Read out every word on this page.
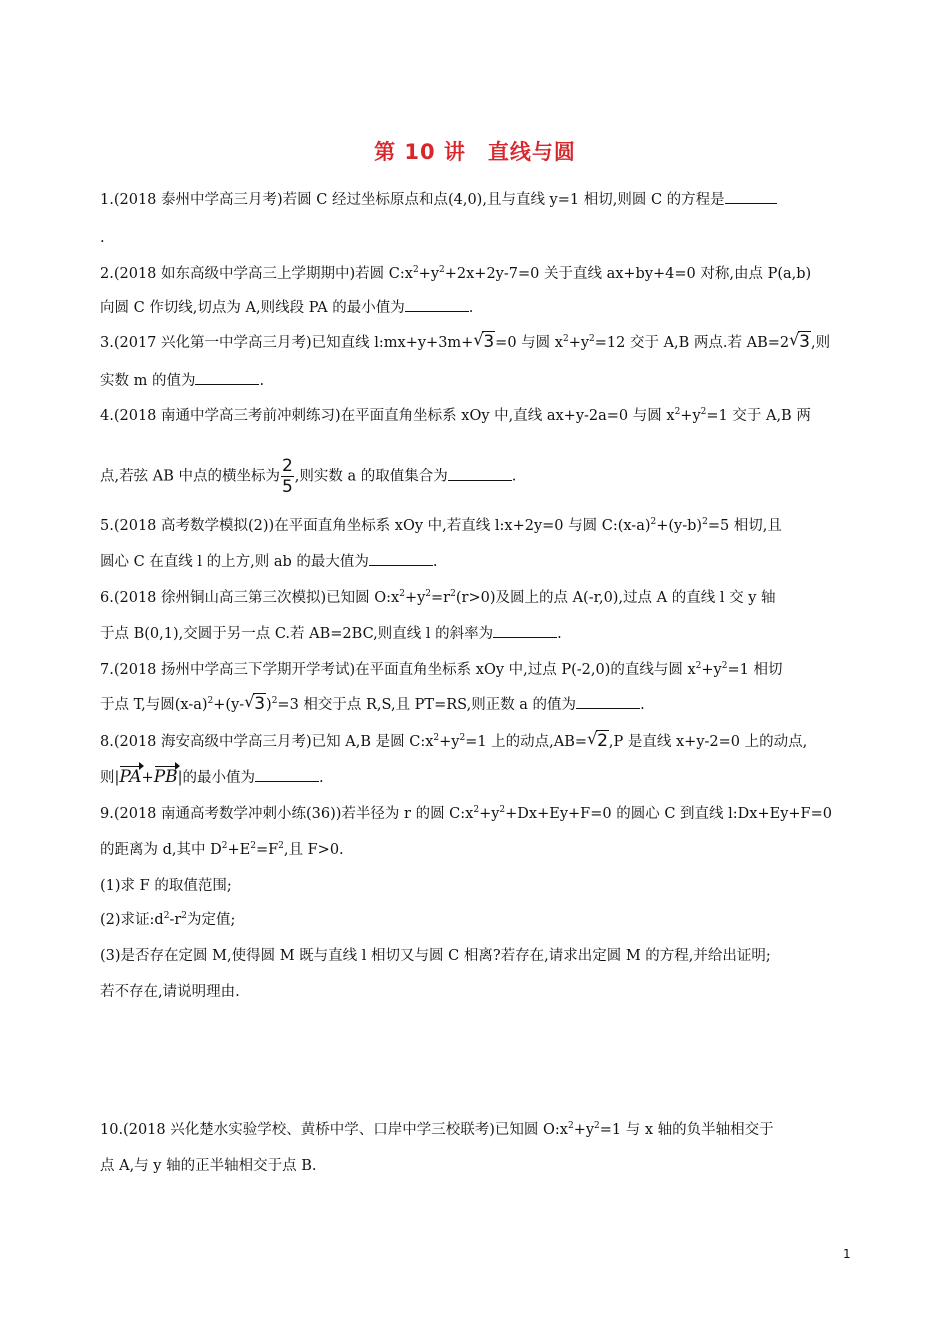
第 10 讲 直线与圆
1.(2018 泰州中学高三月考)若圆 C 经过坐标原点和点(4,0),且与直线 y=1 相切,则圆 C 的方程是
.
2.(2018 如东高级中学高三上学期期中)若圆 $C:x^2+y^2+2x+2y-7=0$ 关于直线 ax+by+4=0 对称,由点 P(a,b)
向圆 C 作切线,切点为 A,则线段 PA 的最小值为	.
3.(2017 兴化第一中学高三月考)已知直线 l:mx+y+3m+ √ 3=0 与圆 $x^2+y^2=12$ 交于 A,B 两点.若 AB=2 √ 3,则
实数 m 的值为	.
4.(2018 南通中学高三考前冲刺练习)在平面直角坐标系 xOy 中,直线 ax+y-2a=0 与圆 $x^2+y^2=1$ 交于 A,B 两
点,若弦 AB 中点的横坐标为 $\frac{2}{5}$ ,则实数 a 的取值集合为	.
5.(2018 高考数学模拟(2))在平面直角坐标系 xOy 中,若直线 l:x+2y=0 与圆 $C:(x-a)^2+(y-b)^2=5$ 相切,且
圆心 C 在直线 l 的上方,则 ab 的最大值为	.
6.(2018 徐州铜山高三第三次模拟)已知圆 $O:x^2+y^2=r^2(r>0)$及圆上的点 A(-r,0),过点 A 的直线 l 交 y 轴
于点 B(0,1),交圆于另一点 C.若 AB=2BC,则直线 l 的斜率为	.
7.(2018 扬州中学高三下学期开学考试)在平面直角坐标系 xOy 中,过点 P(-2,0)的直线与圆 $x^2+y^2=1$ 相切
于点 T,与圆$(x-a)^2+(y-$ √ 3)$^2$=3 相交于点 R,S,且 PT=RS,则正数 a 的值为	.
8.(2018 海安高级中学高三月考)已知 A,B 是圆 $C:x^2+y^2=1$ 上的动点,AB= √ 2,P 是直线 x+y-2=0 上的动点,
则|PA+PB|的最小值为	.
9.(2018 南通高考数学冲刺小练(36))若半径为 r 的圆 $C:x^2+y^2+Dx+Ey+F=0$ 的圆心 C 到直线 l:Dx+Ey+F=0
的距离为 d,其中 $D^2+E^2=F^2$,且 F>0.
(1)求 F 的取值范围;
(2)求证$:d^2-r^2$为定值;
(3)是否存在定圆 M,使得圆 M 既与直线 l 相切又与圆 C 相离?若存在,请求出定圆 M 的方程,并给出证明;
若不存在,请说明理由.
10.(2018 兴化楚水实验学校、黄桥中学、口岸中学三校联考)已知圆 $O:x^2+y^2=1$ 与 x 轴的负半轴相交于
点 A,与 y 轴的正半轴相交于点 B.
1
